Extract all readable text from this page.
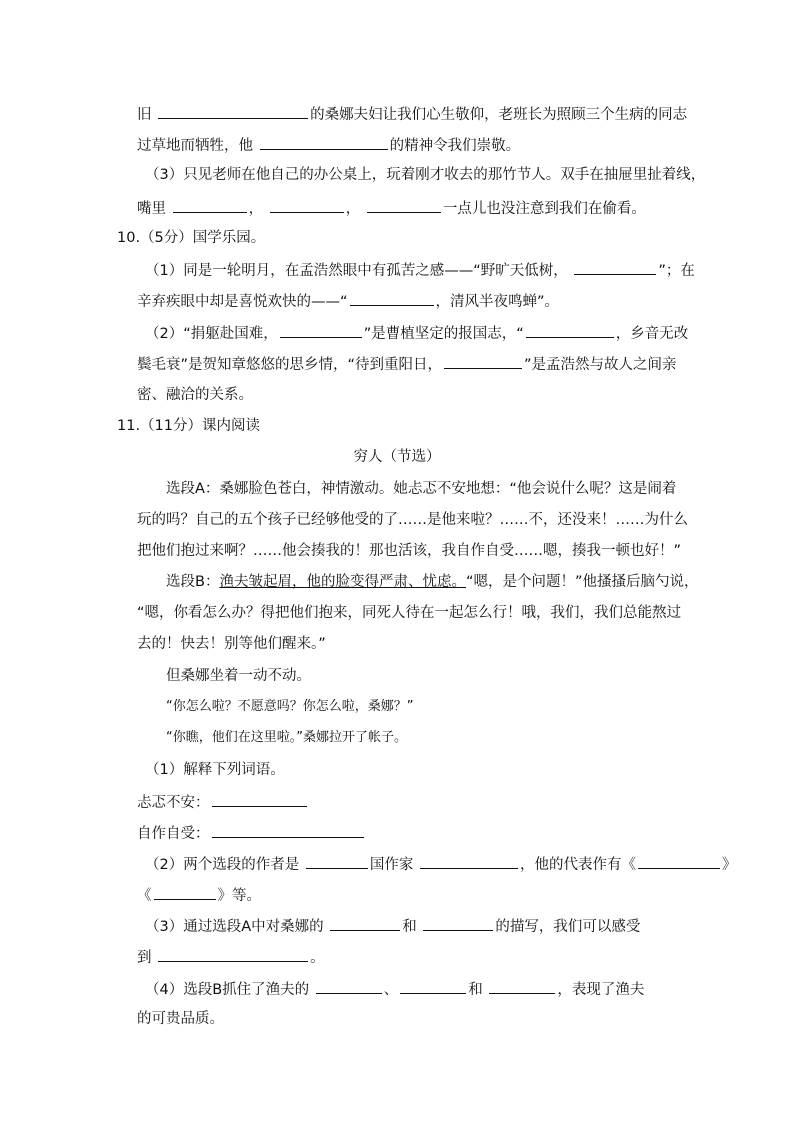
旧	的桑娜夫妇让我们心生敬仰，老班长为照顾三个生病的同志
过草地而牺牲，他	的精神令我们崇敬。
（3）只见老师在他自己的办公桌上，玩着刚才收去的那竹节人。双手在抽屉里扯着线，
嘴里	，	，	一点儿也没注意到我们在偷看。
10.（5分）国学乐园。
（1）同是一轮明月，在孟浩然眼中有孤苦之感——“野旷天低树，	”；在
辛弃疾眼中却是喜悦欢快的——“	，清风半夜鸣蝉”。
（2）“捐躯赴国难，	”是曹植坚定的报国志，“	，乡音无改
鬓毛衰”是贺知章悠悠的思乡情，“待到重阳日，	”是孟浩然与故人之间亲
密、融洽的关系。
11.（11分）课内阅读
穷人（节选）
选段A：桑娜脸色苍白，神情激动。她忐忑不安地想：“他会说什么呢？这是闹着
玩的吗？自己的五个孩子已经够他受的了……是他来啦？……不，还没来！……为什么
把他们抱过来啊？……他会揍我的！那也活该，我自作自受……嗯，揍我一顿也好！”
选段B：渔夫皱起眉，他的脸变得严肃、忧虑。“嗯，是个问题！”他搔搔后脑勺说，
“嗯，你看怎么办？得把他们抱来，同死人待在一起怎么行！哦，我们，我们总能熬过
去的！快去！别等他们醒来。”
但桑娜坐着一动不动。
“你怎么啦？不愿意吗？你怎么啦，桑娜？”
“你瞧，他们在这里啦。”桑娜拉开了帐子。
（1）解释下列词语。
忐忑不安：
自作自受：
（2）两个选段的作者是	国作家	，他的代表作有《	》
《	》等。
（3）通过选段A中对桑娜的	和	的描写，我们可以感受
到	。
（4）选段B抓住了渔夫的	、	和	，表现了渔夫
的可贵品质。
